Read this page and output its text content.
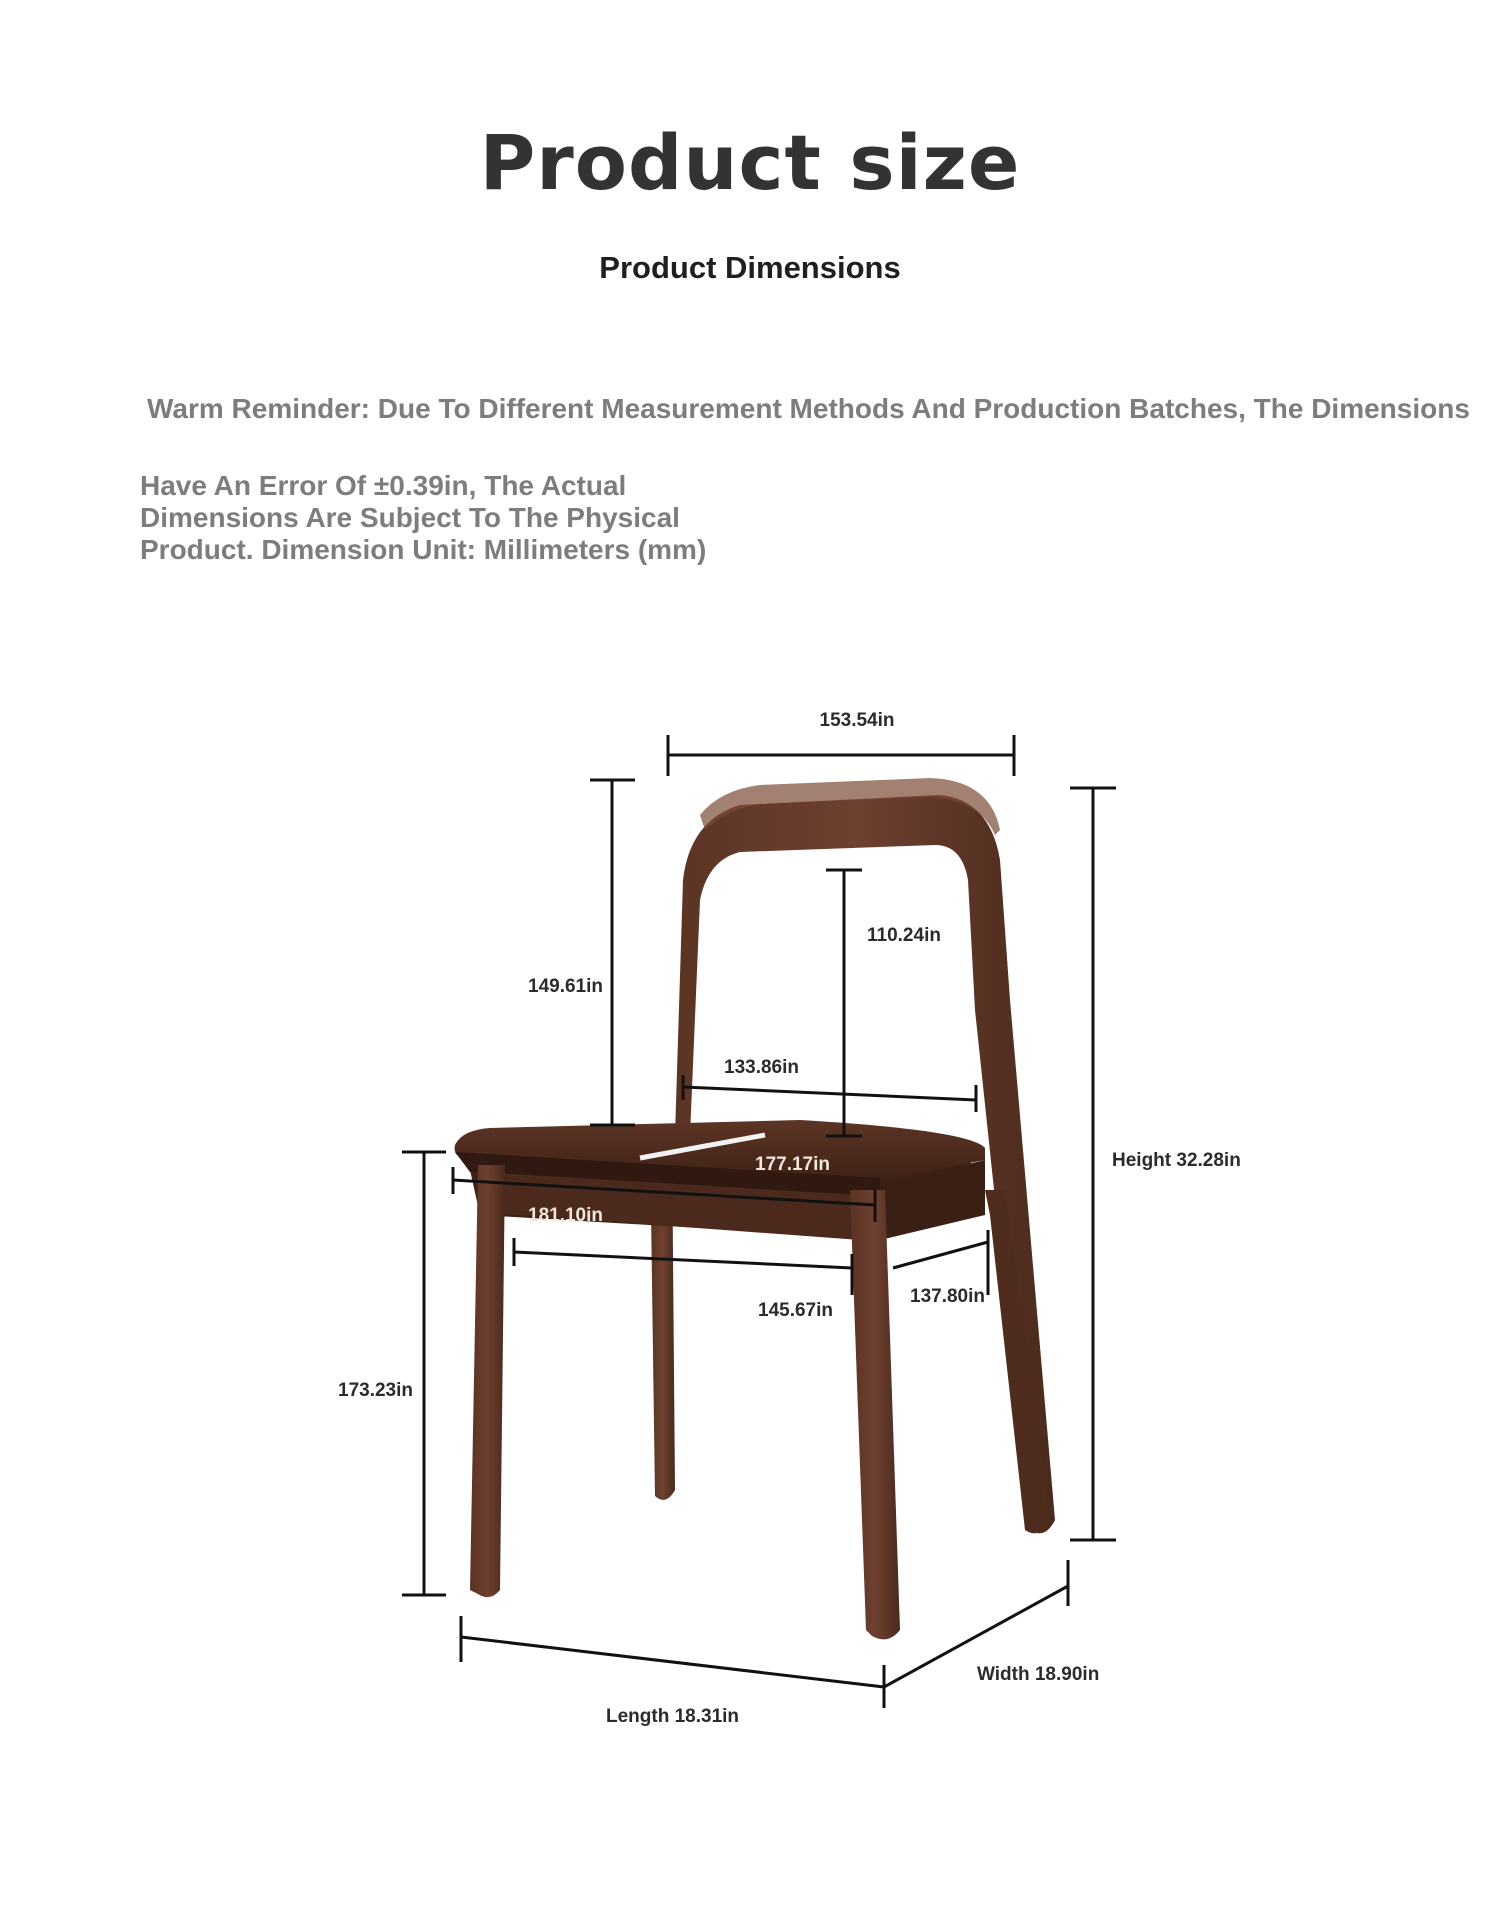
Product size
Product Dimensions
Warm Reminder: Due To Different Measurement Methods And Production Batches, The Dimensions
Have An Error Of ±0.39in, The Actual
Dimensions Are Subject To The Physical
Product. Dimension Unit: Millimeters (mm)
153.54in
149.61in
110.24in
133.86in
177.17in
181.10in
145.67in
137.80in
173.23in
Height 32.28in
Length 18.31in
Width 18.90in
